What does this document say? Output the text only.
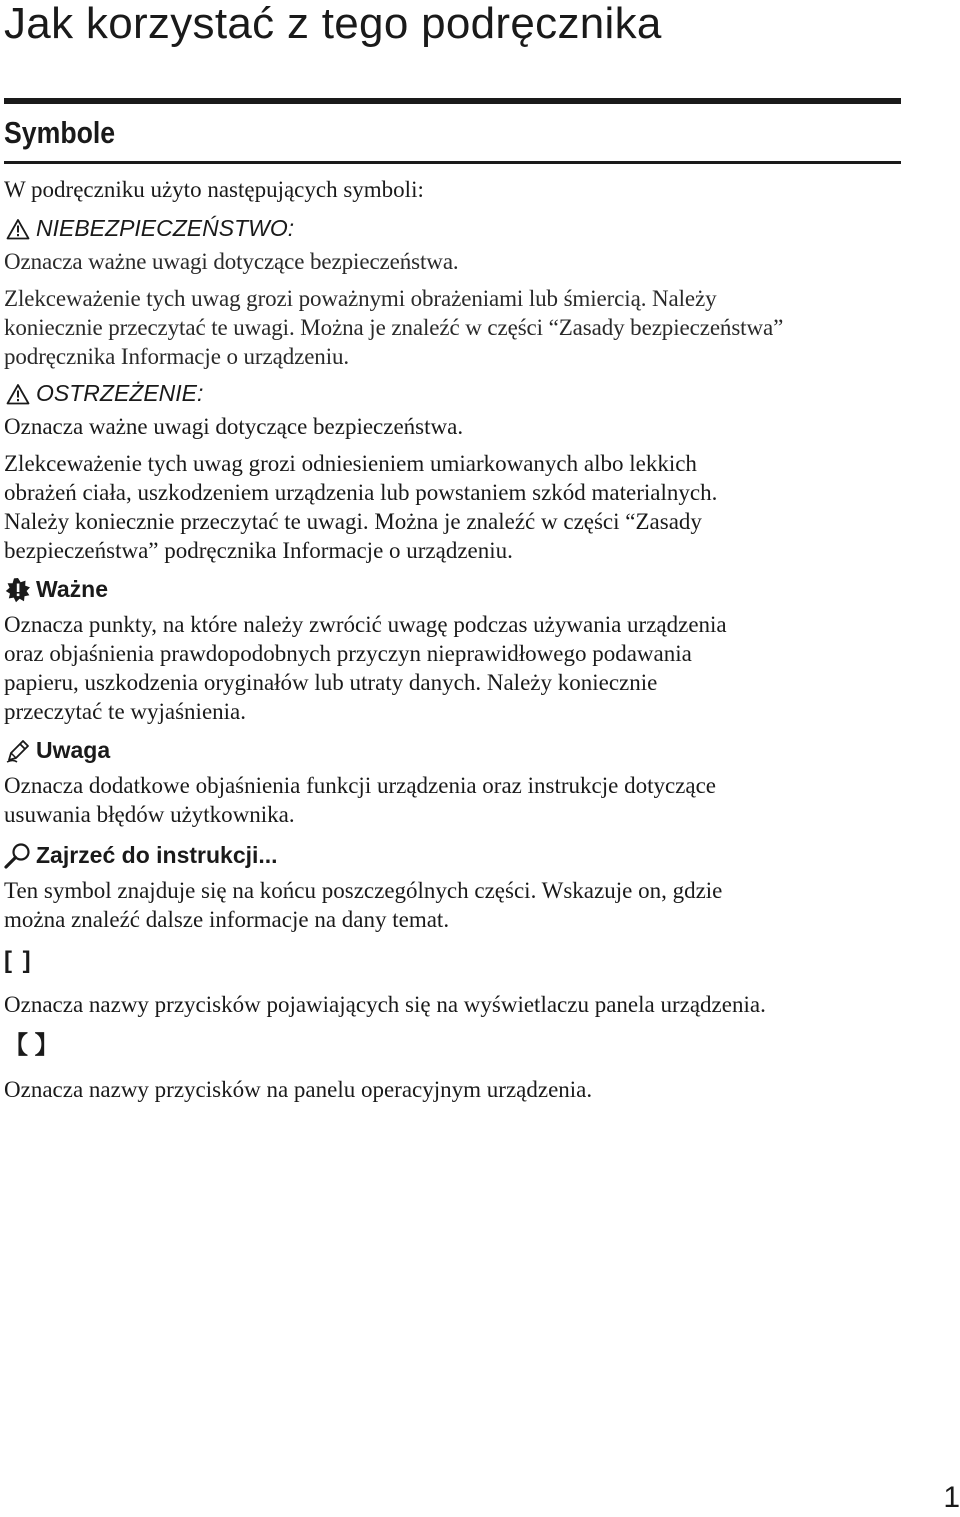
Jak korzystać z tego podręcznika
Symbole

W podręczniku użyto następujących symboli:

NIEBEZPIECZEŃSTWO:

Oznacza ważne uwagi dotyczące bezpieczeństwa.

Zlekceważenie tych uwag grozi poważnymi obrażeniami lub śmiercią. Należy

koniecznie przeczytać te uwagi. Można je znaleźć w części “Zasady bezpieczeństwa”

podręcznika Informacje o urządzeniu.

OSTRZEŻENIE:

Oznacza ważne uwagi dotyczące bezpieczeństwa.

Zlekceważenie tych uwag grozi odniesieniem umiarkowanych albo lekkich

obrażeń ciała, uszkodzeniem urządzenia lub powstaniem szkód materialnych.

Należy koniecznie przeczytać te uwagi. Można je znaleźć w części “Zasady

bezpieczeństwa” podręcznika Informacje o urządzeniu.

Ważne

Oznacza punkty, na które należy zwrócić uwagę podczas używania urządzenia

oraz objaśnienia prawdopodobnych przyczyn nieprawidłowego podawania

papieru, uszkodzenia oryginałów lub utraty danych. Należy koniecznie

przeczytać te wyjaśnienia.

Uwaga

Oznacza dodatkowe objaśnienia funkcji urządzenia oraz instrukcje dotyczące

usuwania błędów użytkownika.

Zajrzeć do instrukcji...

Ten symbol znajduje się na końcu poszczególnych części. Wskazuje on, gdzie

można znaleźć dalsze informacje na dany temat.

[ ]

Oznacza nazwy przycisków pojawiających się na wyświetlaczu panela urządzenia.

【 】

Oznacza nazwy przycisków na panelu operacyjnym urządzenia.

1
